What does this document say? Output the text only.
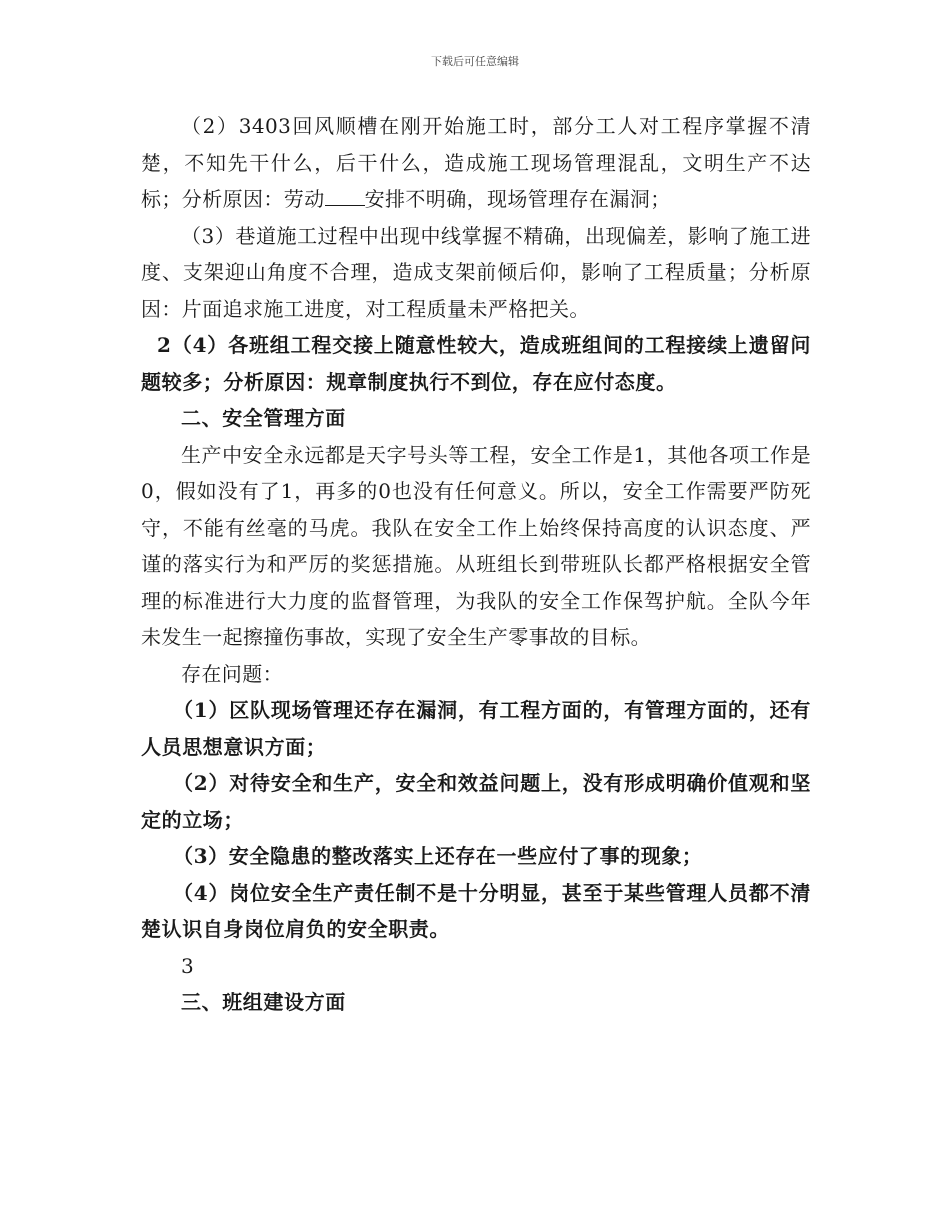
下载后可任意编辑

（2）3403回风顺槽在刚开始施工时，部分工人对工程序掌握不清楚，不知先干什么，后干什么，造成施工现场管理混乱，文明生产不达标；分析原因：劳动 安排不明确，现场管理存在漏洞；

（3）巷道施工过程中出现中线掌握不精确，出现偏差，影响了施工进度、支架迎山角度不合理，造成支架前倾后仰，影响了工程质量；分析原因：片面追求施工进度，对工程质量未严格把关。

2（4）各班组工程交接上随意性较大，造成班组间的工程接续上遗留问题较多；分析原因：规章制度执行不到位，存在应付态度。

二、安全管理方面

生产中安全永远都是天字号头等工程，安全工作是1，其他各项工作是0，假如没有了1，再多的0也没有任何意义。所以，安全工作需要严防死守，不能有丝毫的马虎。我队在安全工作上始终保持高度的认识态度、严谨的落实行为和严厉的奖惩措施。从班组长到带班队长都严格根据安全管理的标准进行大力度的监督管理，为我队的安全工作保驾护航。全队今年未发生一起擦撞伤事故，实现了安全生产零事故的目标。

存在问题：

（1）区队现场管理还存在漏洞，有工程方面的，有管理方面的，还有人员思想意识方面；

（2）对待安全和生产，安全和效益问题上，没有形成明确价值观和坚定的立场；

（3）安全隐患的整改落实上还存在一些应付了事的现象；

（4）岗位安全生产责任制不是十分明显，甚至于某些管理人员都不清楚认识自身岗位肩负的安全职责。

3

三、班组建设方面
